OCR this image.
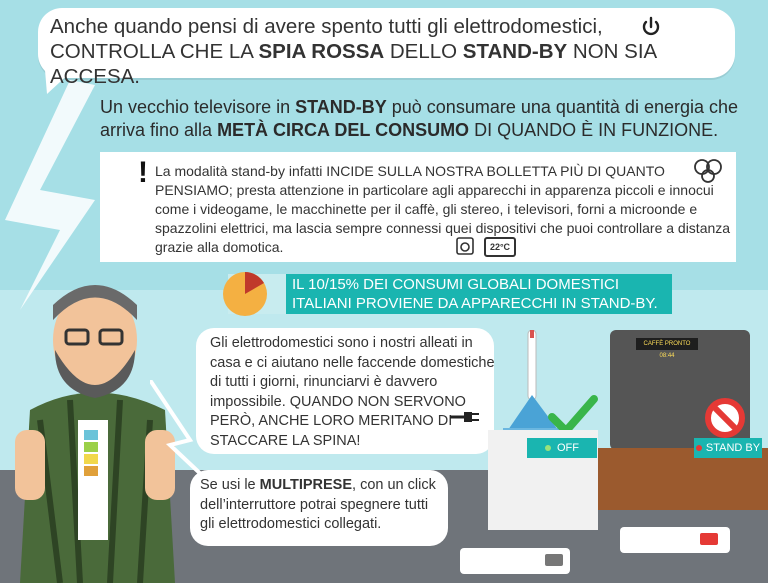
Anche quando pensi di avere spento tutti gli elettrodomestici,
CONTROLLA CHE LA SPIA ROSSA DELLO STAND-BY NON SIA ACCESA.
Un vecchio televisore in STAND-BY può consumare una quantità di energia che arriva fino alla METÀ CIRCA DEL CONSUMO DI QUANDO È IN FUNZIONE.
! La modalità stand-by infatti INCIDE SULLA NOSTRA BOLLETTA PIÙ DI QUANTO PENSIAMO; presta attenzione in particolare agli apparecchi in apparenza piccoli e innocui come i videogame, le macchinette per il caffè, gli stereo, i televisori, forni a microonde e spazzolini elettrici, ma lascia sempre connessi quei dispositivi che puoi controllare a distanza grazie alla domotica.	22°C
IL 10/15% DEI CONSUMI GLOBALI DOMESTICI ITALIANI PROVIENE DA APPARECCHI IN STAND-BY.
Gli elettrodomestici sono i nostri alleati in casa e ci aiutano nelle faccende domestiche di tutti i giorni, rinunciarvi è davvero impossibile. QUANDO NON SERVONO PERÒ, ANCHE LORO MERITANO DI STACCARE LA SPINA!
Se usi le MULTIPRESE, con un click dell’interruttore potrai spegnere tutti gli elettrodomestici collegati.
OFF
CAFFÈ PRONTO 08:44
STAND BY
